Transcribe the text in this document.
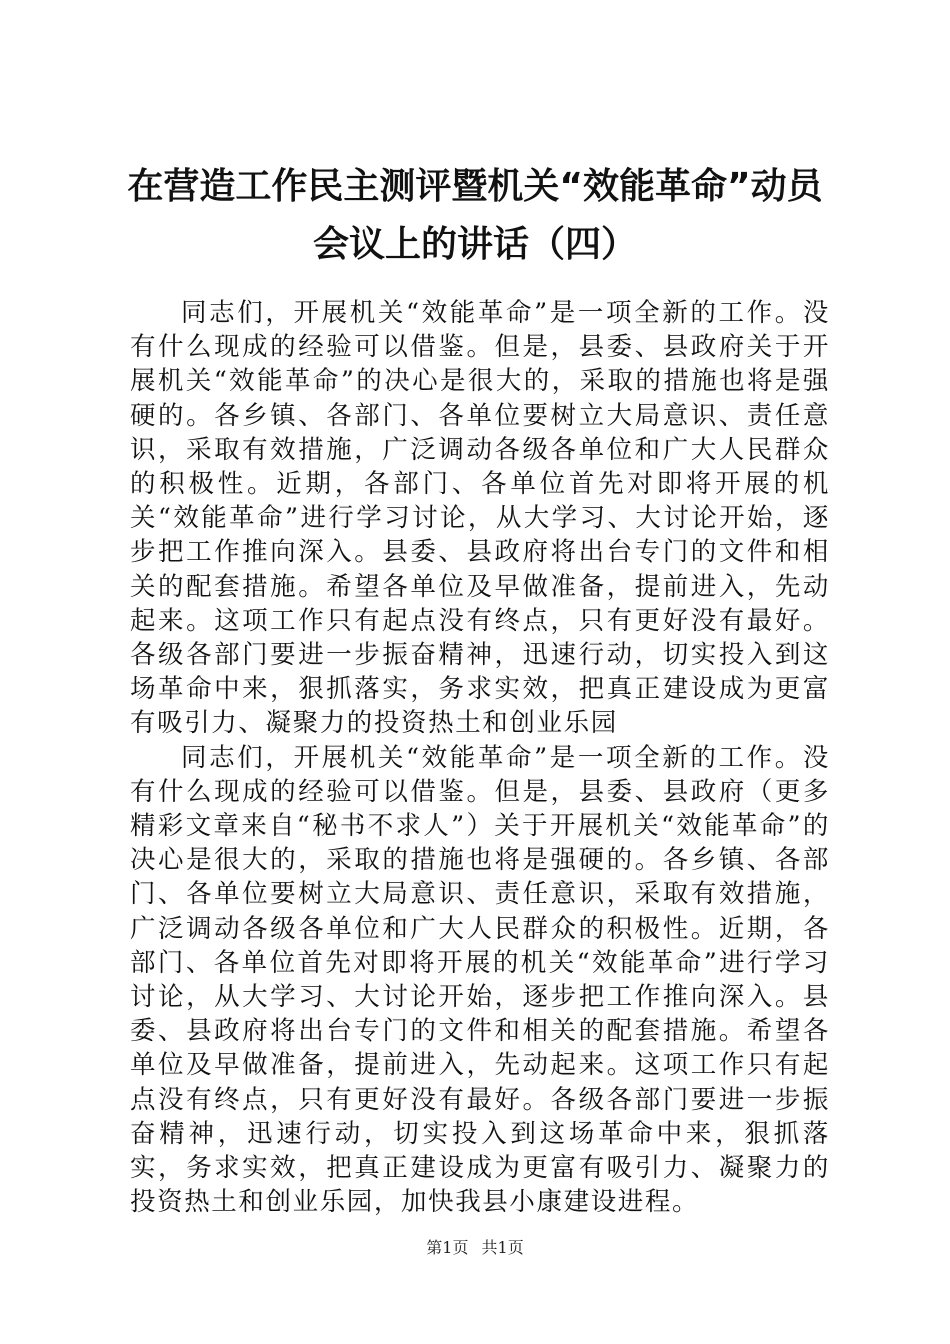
在营造工作民主测评暨机关“效能革命”动员
会议上的讲话（四）

同志们，开展机关“效能革命”是一项全新的工作。没有什么现成的经验可以借鉴。但是，县委、县政府关于开展机关“效能革命”的决心是很大的，采取的措施也将是强硬的。各乡镇、各部门、各单位要树立大局意识、责任意识，采取有效措施，广泛调动各级各单位和广大人民群众的积极性。近期，各部门、各单位首先对即将开展的机关“效能革命”进行学习讨论，从大学习、大讨论开始，逐步把工作推向深入。县委、县政府将出台专门的文件和相关的配套措施。希望各单位及早做准备，提前进入，先动起来。这项工作只有起点没有终点，只有更好没有最好。各级各部门要进一步振奋精神，迅速行动，切实投入到这场革命中来，狠抓落实，务求实效，把真正建设成为更富有吸引力、凝聚力的投资热土和创业乐园

同志们，开展机关“效能革命”是一项全新的工作。没有什么现成的经验可以借鉴。但是，县委、县政府（更多精彩文章来自“秘书不求人”）关于开展机关“效能革命”的决心是很大的，采取的措施也将是强硬的。各乡镇、各部门、各单位要树立大局意识、责任意识，采取有效措施，广泛调动各级各单位和广大人民群众的积极性。近期，各部门、各单位首先对即将开展的机关“效能革命”进行学习讨论，从大学习、大讨论开始，逐步把工作推向深入。县委、县政府将出台专门的文件和相关的配套措施。希望各单位及早做准备，提前进入，先动起来。这项工作只有起点没有终点，只有更好没有最好。各级各部门要进一步振奋精神，迅速行动，切实投入到这场革命中来，狠抓落实，务求实效，把真正建设成为更富有吸引力、凝聚力的投资热土和创业乐园，加快我县小康建设进程。

第1页 共1页
